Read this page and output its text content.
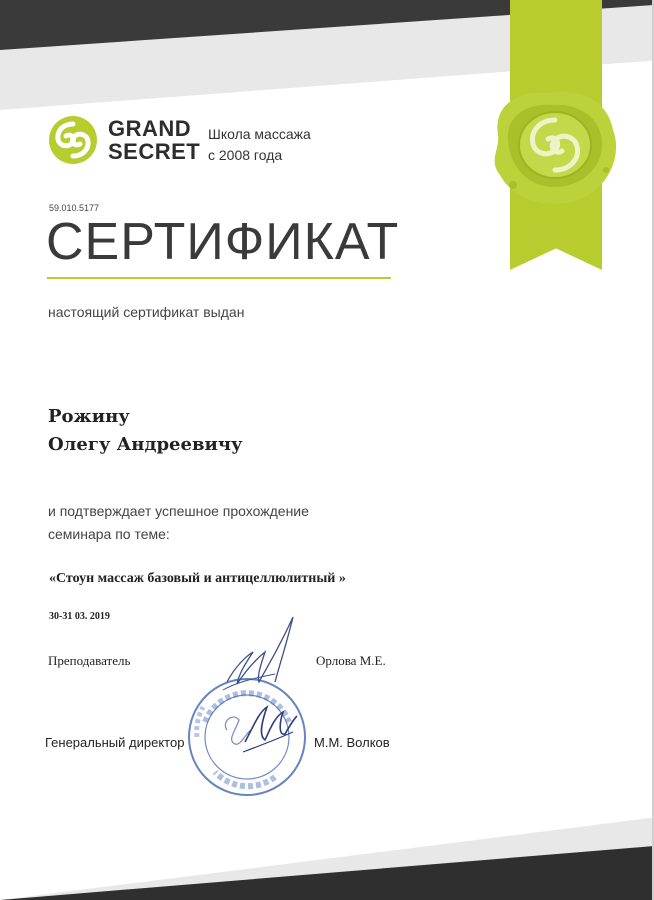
GRAND
SECRET
Школа массажа
с 2008 года
59.010.5177
СЕРТИФИКАТ
настоящий сертификат выдан
Рожину
Олегу Андреевичу
и подтверждает успешное прохождение
семинара по теме:
«Стоун массаж базовый и антицеллюлитный »
30-31 03. 2019
Преподаватель	Орлова М.Е.
Генеральный директор	М.М. Волков
